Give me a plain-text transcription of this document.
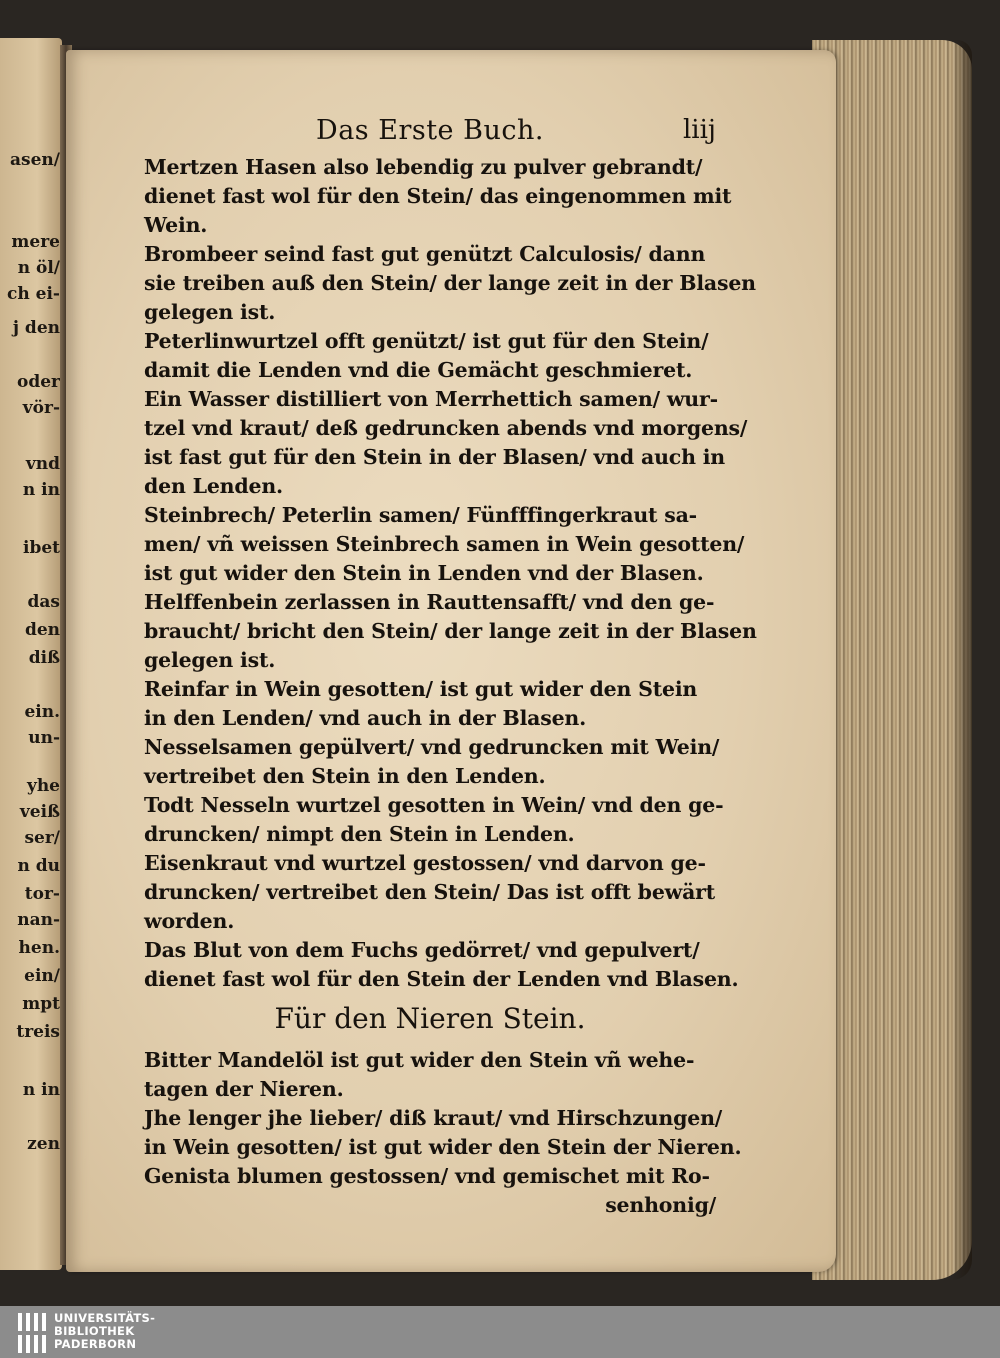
asen/
mere
n öl/
ch ei-
j den
oder
vör-
vnd
n in
ibet
das
den
diß
ein.
un-
yhe
veiß
ser/
n du
tor-
nan-
hen.
ein/
mpt
treis
n in
zen
Das Erste Buch.	liij
Mertzen Hasen also lebendig zu pulver gebrandt/
dienet fast wol für den Stein/ das eingenommen mit
Wein.
Brombeer seind fast gut genützt Calculosis/ dann
sie treiben auß den Stein/ der lange zeit in der Blasen
gelegen ist.
Peterlinwurtzel offt genützt/ ist gut für den Stein/
damit die Lenden vnd die Gemächt geschmieret.
Ein Wasser distilliert von Merrhettich samen/ wur-
tzel vnd kraut/ deß gedruncken abends vnd morgens/
ist fast gut für den Stein in der Blasen/ vnd auch in
den Lenden.
Steinbrech/ Peterlin samen/ Fünfffingerkraut sa-
men/ vñ weissen Steinbrech samen in Wein gesotten/
ist gut wider den Stein in Lenden vnd der Blasen.
Helffenbein zerlassen in Rauttensafft/ vnd den ge-
braucht/ bricht den Stein/ der lange zeit in der Blasen
gelegen ist.
Reinfar in Wein gesotten/ ist gut wider den Stein
in den Lenden/ vnd auch in der Blasen.
Nesselsamen gepülvert/ vnd gedruncken mit Wein/
vertreibet den Stein in den Lenden.
Todt Nesseln wurtzel gesotten in Wein/ vnd den ge-
druncken/ nimpt den Stein in Lenden.
Eisenkraut vnd wurtzel gestossen/ vnd darvon ge-
druncken/ vertreibet den Stein/ Das ist offt bewärt
worden.
Das Blut von dem Fuchs gedörret/ vnd gepulvert/
dienet fast wol für den Stein der Lenden vnd Blasen.
Für den Nieren Stein.
Bitter Mandelöl ist gut wider den Stein vñ wehe-
tagen der Nieren.
Jhe lenger jhe lieber/ diß kraut/ vnd Hirschzungen/
in Wein gesotten/ ist gut wider den Stein der Nieren.
Genista blumen gestossen/ vnd gemischet mit Ro-
senhonig/
UNIVERSITÄTS-
BIBLIOTHEK
PADERBORN
